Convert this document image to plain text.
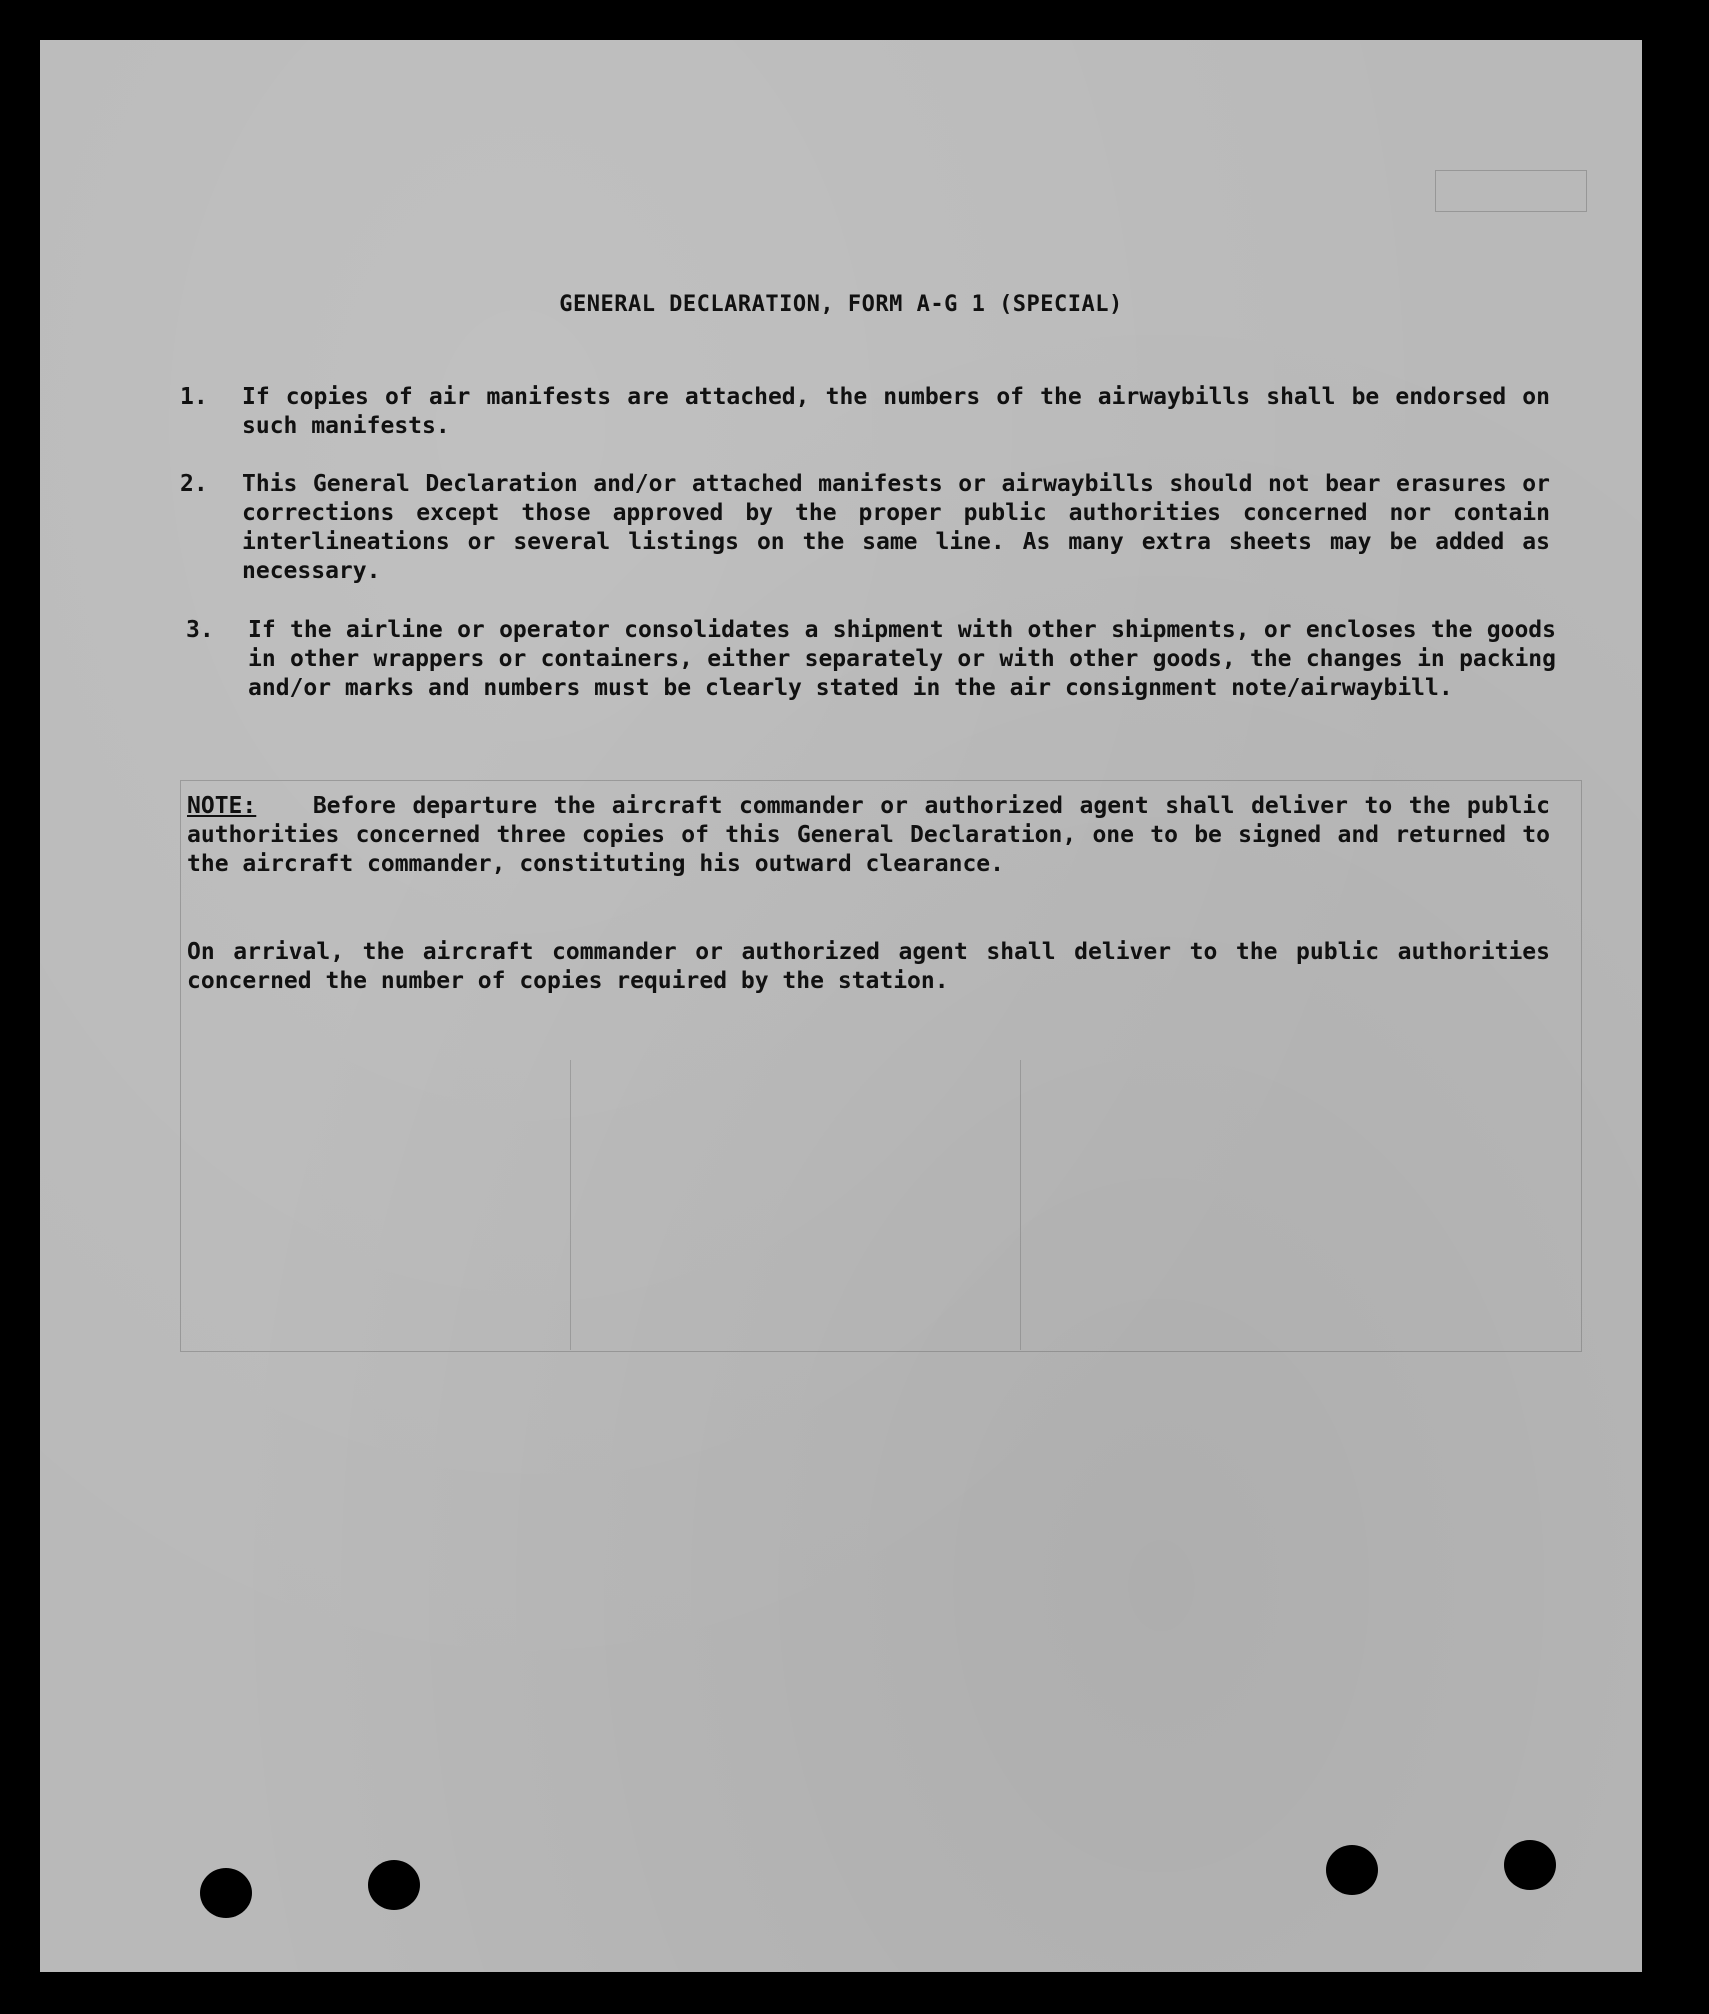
﻿
GENERAL DECLARATION, FORM A-G 1 (SPECIAL)
1.	If copies of air manifests are attached, the numbers of the airwaybills shall be endorsed on such manifests.
2.	This General Declaration and/or attached manifests or airwaybills should not bear erasures or corrections except those approved by the proper public authorities concerned nor contain interlineations or several listings on the same line. As many extra sheets may be added as necessary.
3.	If the airline or operator consolidates a shipment with other shipments, or encloses the goods in other wrappers or containers, either separately or with other goods, the changes in packing and/or marks and numbers must be clearly stated in the air consignment note/airwaybill.
NOTE: Before departure the aircraft commander or authorized agent shall deliver to the public authorities concerned three copies of this General Declaration, one to be signed and returned to the aircraft commander, constituting his outward clearance.
On arrival, the aircraft commander or authorized agent shall deliver to the public authorities concerned the number of copies required by the station.
